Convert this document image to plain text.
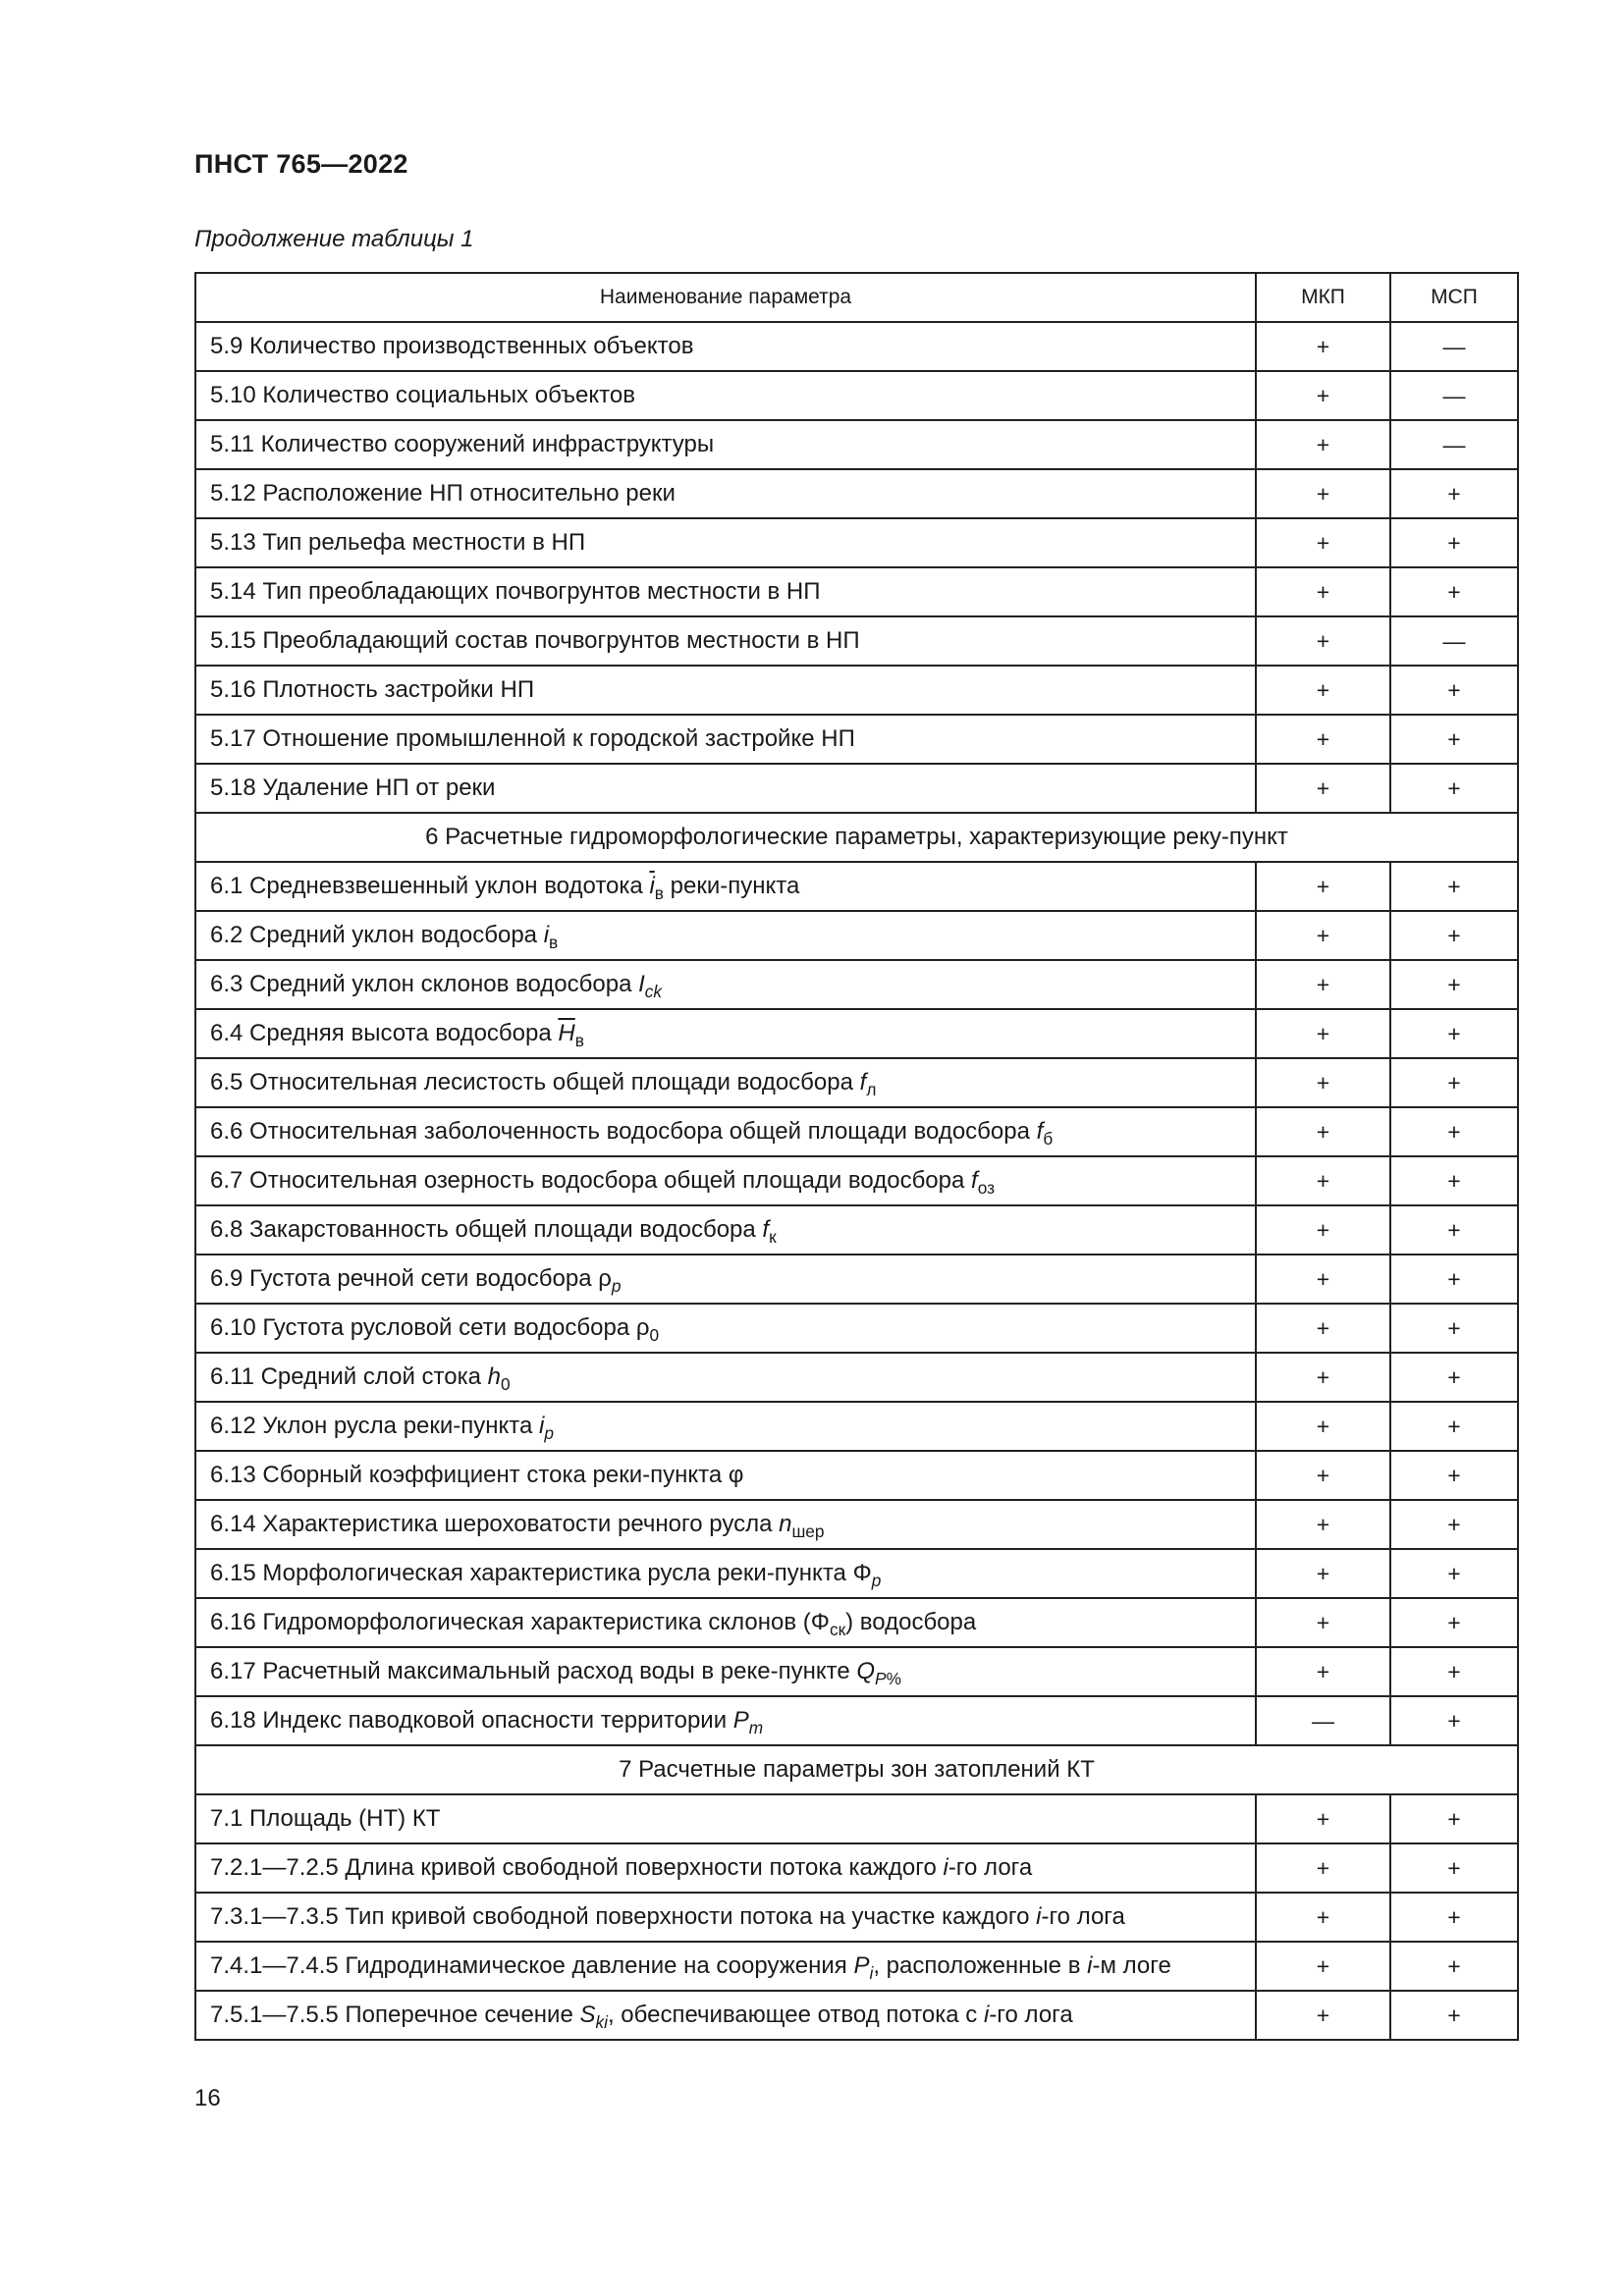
ПНСТ 765—2022
Продолжение таблицы 1
Наименование параметра	МКП	МСП
5.9 Количество производственных объектов	+	—
5.10 Количество социальных объектов	+	—
5.11 Количество сооружений инфраструктуры	+	—
5.12 Расположение НП относительно реки	+	+
5.13 Тип рельефа местности в НП	+	+
5.14 Тип преобладающих почвогрунтов местности в НП	+	+
5.15 Преобладающий состав почвогрунтов местности в НП	+	—
5.16 Плотность застройки НП	+	+
5.17 Отношение промышленной к городской застройке НП	+	+
5.18 Удаление НП от реки	+	+
6 Расчетные гидроморфологические параметры, характеризующие реку-пункт		
6.1 Средневзвешенный уклон водотока $\overline{i}_в$ реки-пункта	+	+
6.2 Средний уклон водосбора $i_в$	+	+
6.3 Средний уклон склонов водосбора $I_{ck}$	+	+
6.4 Средняя высота водосбора $\overline{H}_в$	+	+
6.5 Относительная лесистость общей площади водосбора $f_л$	+	+
6.6 Относительная заболоченность водосбора общей площади водосбора $f_б$	+	+
6.7 Относительная озерность водосбора общей площади водосбора $f_{оз}$	+	+
6.8 Закарстованность общей площади водосбора $f_к$	+	+
6.9 Густота речной сети водосбора $\rho_p$	+	+
6.10 Густота русловой сети водосбора $\rho_0$	+	+
6.11 Средний слой стока $h_0$	+	+
6.12 Уклон русла реки-пункта $i_p$	+	+
6.13 Сборный коэффициент стока реки-пункта φ	+	+
6.14 Характеристика шероховатости речного русла $n_{шер}$	+	+
6.15 Морфологическая характеристика русла реки-пункта $\Phi_p$	+	+
6.16 Гидроморфологическая характеристика склонов $(\Phi_{ск})$ водосбора	+	+
6.17 Расчетный максимальный расход воды в реке-пункте $Q_{P\%}$	+	+
6.18 Индекс паводковой опасности территории $P_m$	—	+
7 Расчетные параметры зон затоплений КТ		
7.1 Площадь (НТ) КТ	+	+
7.2.1—7.2.5 Длина кривой свободной поверхности потока каждого i-го лога	+	+
7.3.1—7.3.5 Тип кривой свободной поверхности потока на участке каждого i-го лога	+	+
7.4.1—7.4.5 Гидродинамическое давление на сооружения $P_i$, расположенные в i-м логе	+	+
7.5.1—7.5.5 Поперечное сечение $S_{ki}$, обеспечивающее отвод потока с i-го лога	+	+
16
